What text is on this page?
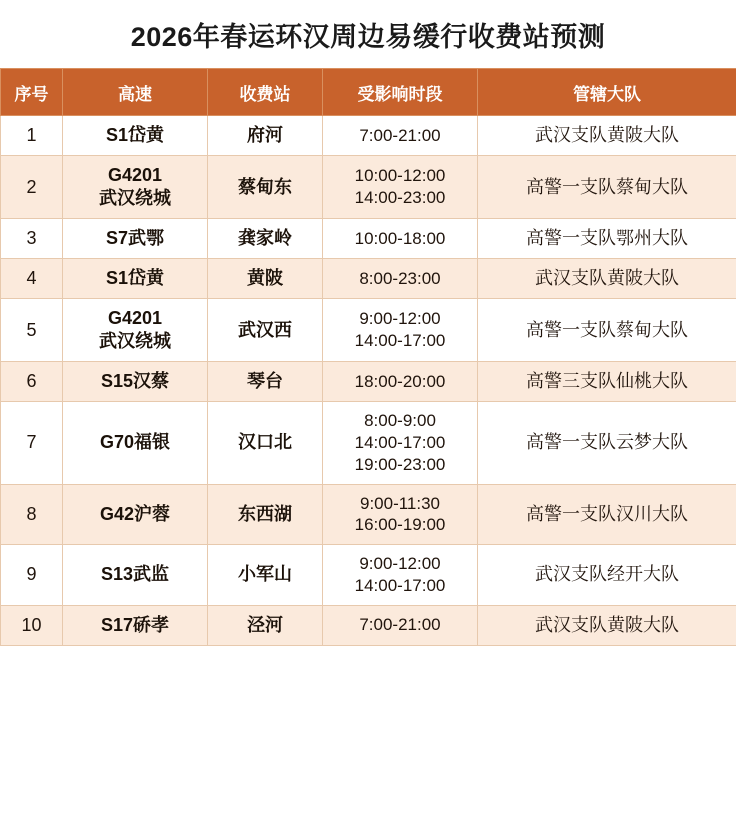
2026年春运环汉周边易缓行收费站预测
序号	高速	收费站	受影响时段	管辖大队
1	S1岱黄	府河	7:00-21:00	武汉支队黄陂大队
2	G4201
武汉绕城	蔡甸东	10:00-12:00
14:00-23:00	高警一支队蔡甸大队
3	S7武鄂	龚家岭	10:00-18:00	高警一支队鄂州大队
4	S1岱黄	黄陂	8:00-23:00	武汉支队黄陂大队
5	G4201
武汉绕城	武汉西	9:00-12:00
14:00-17:00	高警一支队蔡甸大队
6	S15汉蔡	琴台	18:00-20:00	高警三支队仙桃大队
7	G70福银	汉口北	8:00-9:00
14:00-17:00
19:00-23:00	高警一支队云梦大队
8	G42沪蓉	东西湖	9:00-11:30
16:00-19:00	高警一支队汉川大队
9	S13武监	小军山	9:00-12:00
14:00-17:00	武汉支队经开大队
10	S17硚孝	泾河	7:00-21:00	武汉支队黄陂大队
